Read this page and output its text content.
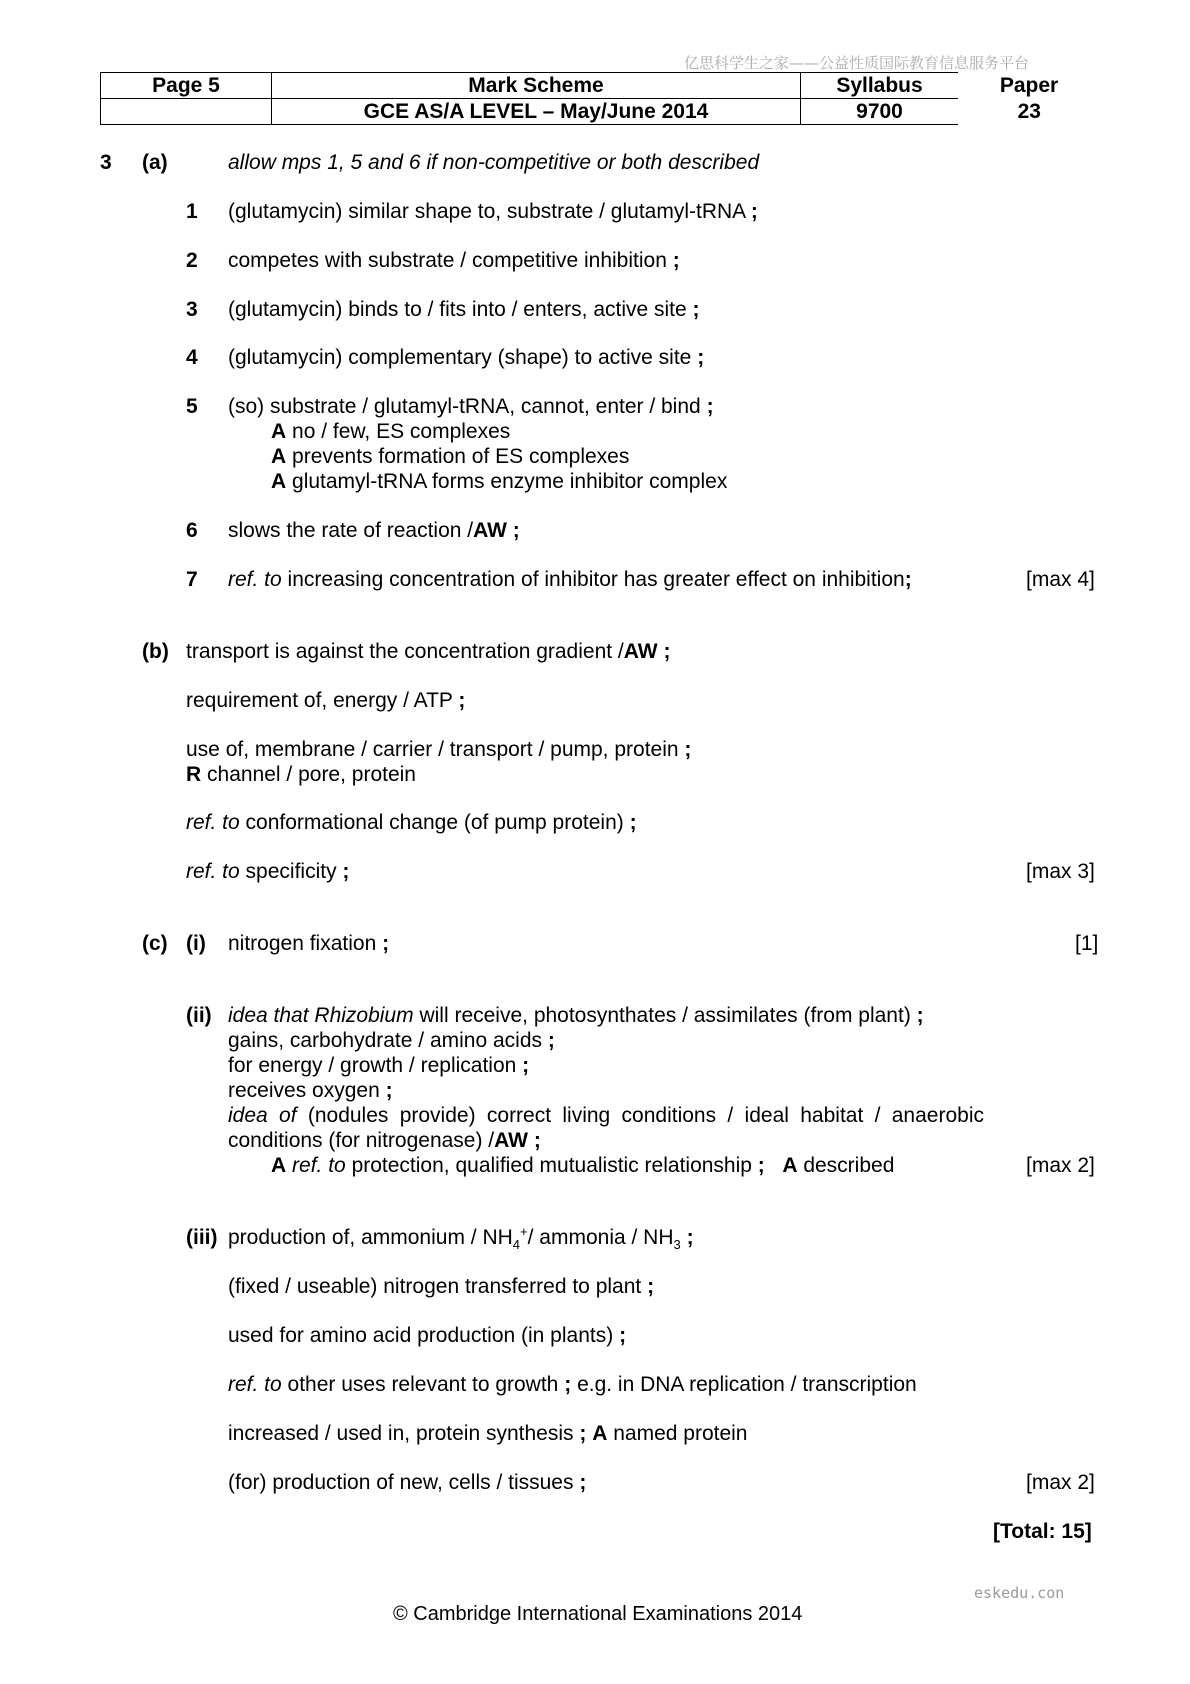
亿思科学生之家——公益性质国际教育信息服务平台
Page 5	Mark Scheme	Syllabus	Paper
	GCE AS/A LEVEL – May/June 2014	9700	23
3 (a)	allow mps 1, 5 and 6 if non-competitive or both described
1 (glutamycin) similar shape to, substrate / glutamyl-tRNA ;
2 competes with substrate / competitive inhibition ;
3 (glutamycin) binds to / fits into / enters, active site ;
4 (glutamycin) complementary (shape) to active site ;
5 (so) substrate / glutamyl-tRNA, cannot, enter / bind ;
A no / few, ES complexes
A prevents formation of ES complexes
A glutamyl-tRNA forms enzyme inhibitor complex
6 slows the rate of reaction /AW ;
7 ref. to increasing concentration of inhibitor has greater effect on inhibition;	[max 4]
(b) transport is against the concentration gradient /AW ;
requirement of, energy / ATP ;
use of, membrane / carrier / transport / pump, protein ;
R channel / pore, protein
ref. to conformational change (of pump protein) ;
ref. to specificity ;	[max 3]
(c) (i) nitrogen fixation ;	[1]
(ii) idea that Rhizobium will receive, photosynthates / assimilates (from plant) ;
gains, carbohydrate / amino acids ;
for energy / growth / replication ;
receives oxygen ;
idea of (nodules provide) correct living conditions / ideal habitat / anaerobic
conditions (for nitrogenase) /AW ;
A ref. to protection, qualified mutualistic relationship ; A described	[max 2]
(iii) production of, ammonium / $NH_4^+/$ ammonia / $NH_3$ ;
(fixed / useable) nitrogen transferred to plant ;
used for amino acid production (in plants) ;
ref. to other uses relevant to growth ; e.g. in DNA replication / transcription
increased / used in, protein synthesis ; A named protein
(for) production of new, cells / tissues ;	[max 2]
[Total: 15]
eskedu.con
© Cambridge International Examinations 2014
